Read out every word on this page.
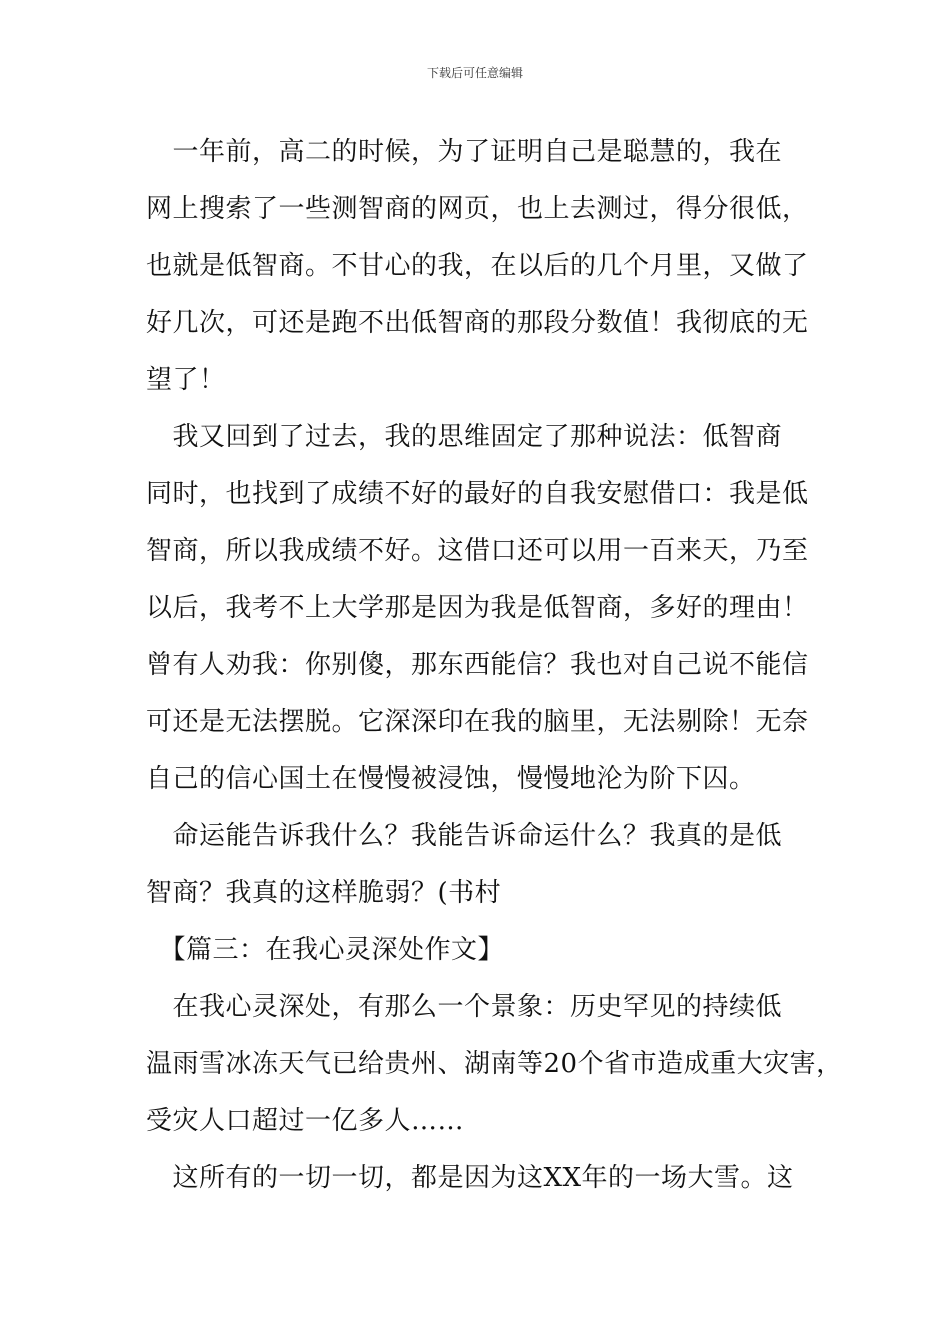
下载后可任意编辑
　一年前，高二的时候，为了证明自己是聪慧的，我在
网上搜索了一些测智商的网页，也上去测过，得分很低，
也就是低智商。不甘心的我，在以后的几个月里，又做了
好几次，可还是跑不出低智商的那段分数值！我彻底的无
望了！
　我又回到了过去，我的思维固定了那种说法：低智商
同时，也找到了成绩不好的最好的自我安慰借口：我是低
智商，所以我成绩不好。这借口还可以用一百来天，乃至
以后，我考不上大学那是因为我是低智商，多好的理由！
曾有人劝我：你别傻，那东西能信？我也对自己说不能信
可还是无法摆脱。它深深印在我的脑里，无法剔除！无奈
自己的信心国土在慢慢被浸蚀，慢慢地沦为阶下囚。
　命运能告诉我什么？我能告诉命运什么？我真的是低
智商？我真的这样脆弱？(书村
　【篇三：在我心灵深处作文】
　在我心灵深处，有那么一个景象：历史罕见的持续低
温雨雪冰冻天气已给贵州、湖南等20个省市造成重大灾害，
受灾人口超过一亿多人……
　这所有的一切一切，都是因为这XX年的一场大雪。这
